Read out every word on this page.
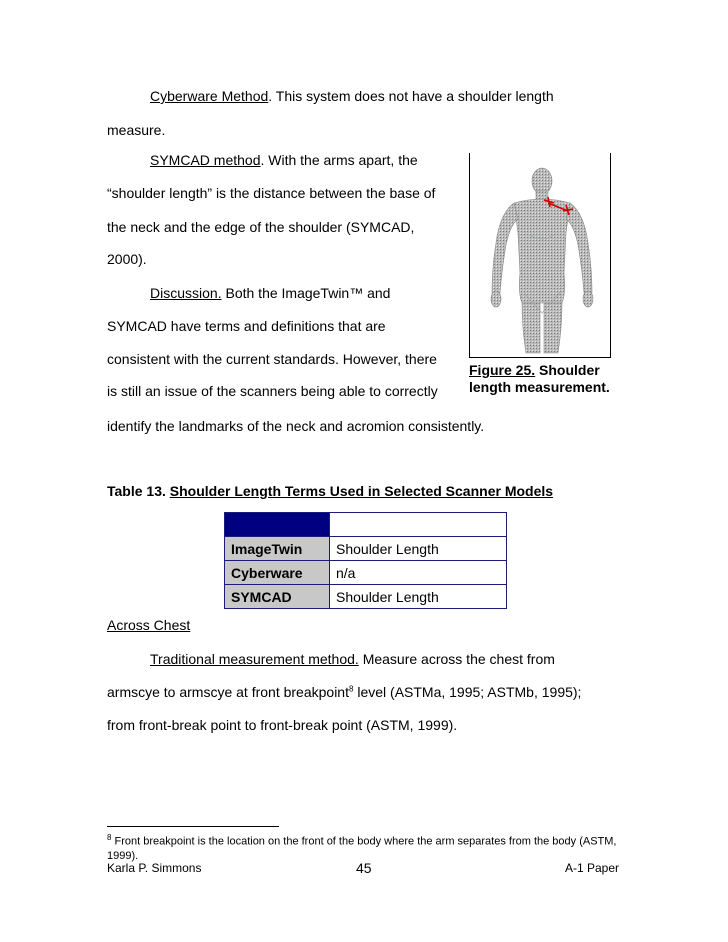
Cyberware Method. This system does not have a shoulder length
measure.
SYMCAD method. With the arms apart, the
“shoulder length” is the distance between the base of
the neck and the edge of the shoulder (SYMCAD,
2000).
Discussion. Both the ImageTwin™ and
SYMCAD have terms and definitions that are
consistent with the current standards. However, there
is still an issue of the scanners being able to correctly
identify the landmarks of the neck and acromion consistently.
Figure 25. Shoulder
length measurement.
Table 13. Shoulder Length Terms Used in Selected Scanner Models
	Shoulder Length
ImageTwin	Shoulder Length
Cyberware	n/a
SYMCAD	Shoulder Length
Across Chest
Traditional measurement method. Measure across the chest from
armscye to armscye at front breakpoint$^8$ level (ASTMa, 1995; ASTMb, 1995);
from front-break point to front-break point (ASTM, 1999).
$^8$ Front breakpoint is the location on the front of the body where the arm separates from the body (ASTM, 1999).
Karla P. Simmons	45	A-1 Paper
